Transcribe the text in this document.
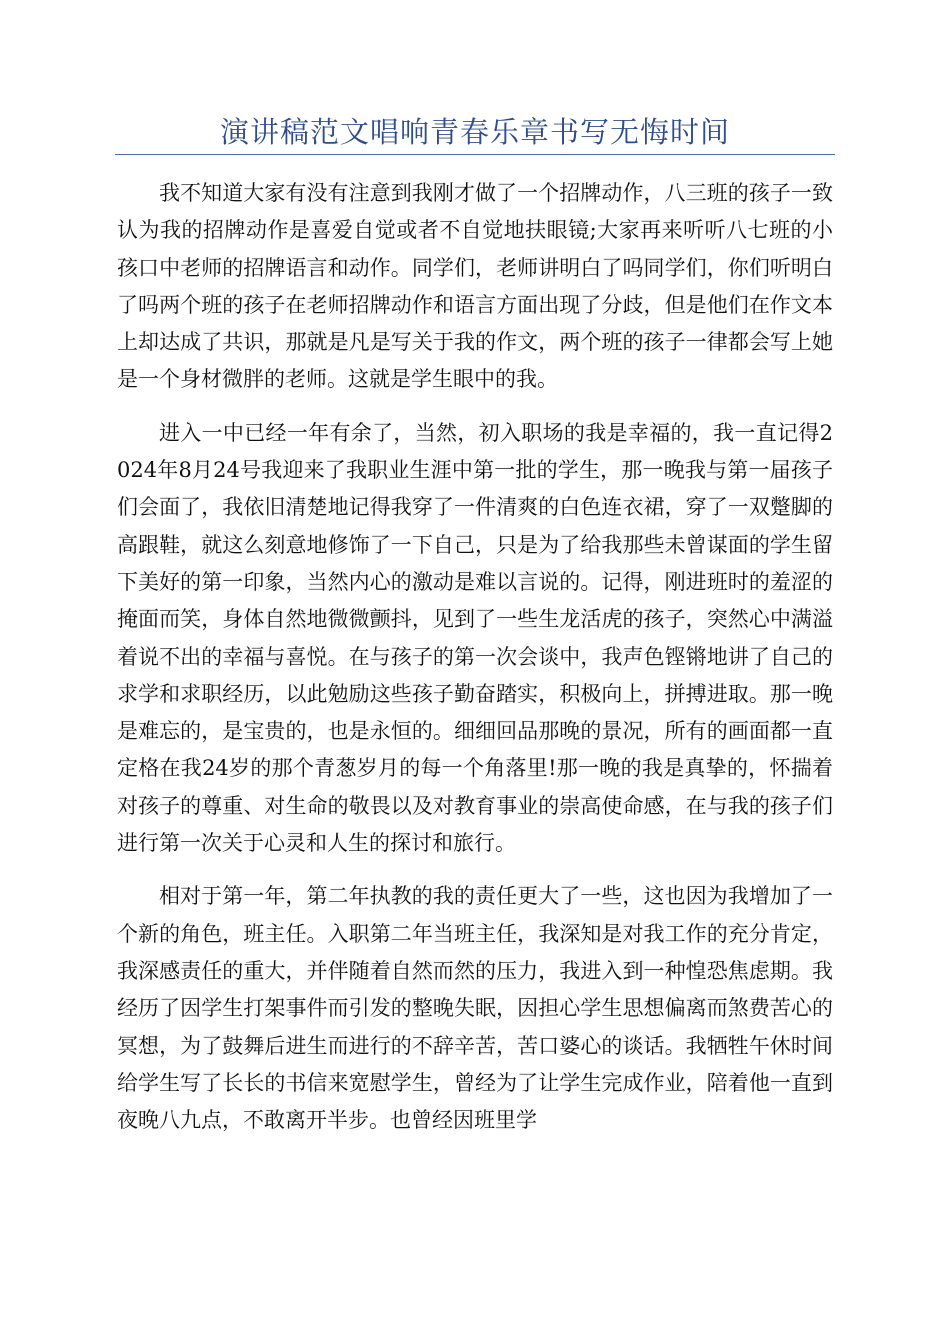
演讲稿范文唱响青春乐章书写无悔时间

我不知道大家有没有注意到我刚才做了一个招牌动作，八三班的孩子一致认为我的招牌动作是喜爱自觉或者不自觉地扶眼镜;大家再来听听八七班的小孩口中老师的招牌语言和动作。同学们，老师讲明白了吗同学们，你们听明白了吗两个班的孩子在老师招牌动作和语言方面出现了分歧，但是他们在作文本上却达成了共识，那就是凡是写关于我的作文，两个班的孩子一律都会写上她是一个身材微胖的老师。这就是学生眼中的我。

进入一中已经一年有余了，当然，初入职场的我是幸福的，我一直记得2024年8月24号我迎来了我职业生涯中第一批的学生，那一晚我与第一届孩子们会面了，我依旧清楚地记得我穿了一件清爽的白色连衣裙，穿了一双蹩脚的高跟鞋，就这么刻意地修饰了一下自己，只是为了给我那些未曾谋面的学生留下美好的第一印象，当然内心的激动是难以言说的。记得，刚进班时的羞涩的掩面而笑，身体自然地微微颤抖，见到了一些生龙活虎的孩子，突然心中满溢着说不出的幸福与喜悦。在与孩子的第一次会谈中，我声色铿锵地讲了自己的求学和求职经历，以此勉励这些孩子勤奋踏实，积极向上，拼搏进取。那一晚是难忘的，是宝贵的，也是永恒的。细细回品那晚的景况，所有的画面都一直定格在我24岁的那个青葱岁月的每一个角落里!那一晚的我是真挚的，怀揣着对孩子的尊重、对生命的敬畏以及对教育事业的崇高使命感，在与我的孩子们进行第一次关于心灵和人生的探讨和旅行。

相对于第一年，第二年执教的我的责任更大了一些，这也因为我增加了一个新的角色，班主任。入职第二年当班主任，我深知是对我工作的充分肯定，我深感责任的重大，并伴随着自然而然的压力，我进入到一种惶恐焦虑期。我经历了因学生打架事件而引发的整晚失眠，因担心学生思想偏离而煞费苦心的冥想，为了鼓舞后进生而进行的不辞辛苦，苦口婆心的谈话。我牺牲午休时间给学生写了长长的书信来宽慰学生，曾经为了让学生完成作业，陪着他一直到夜晚八九点，不敢离开半步。也曾经因班里学
